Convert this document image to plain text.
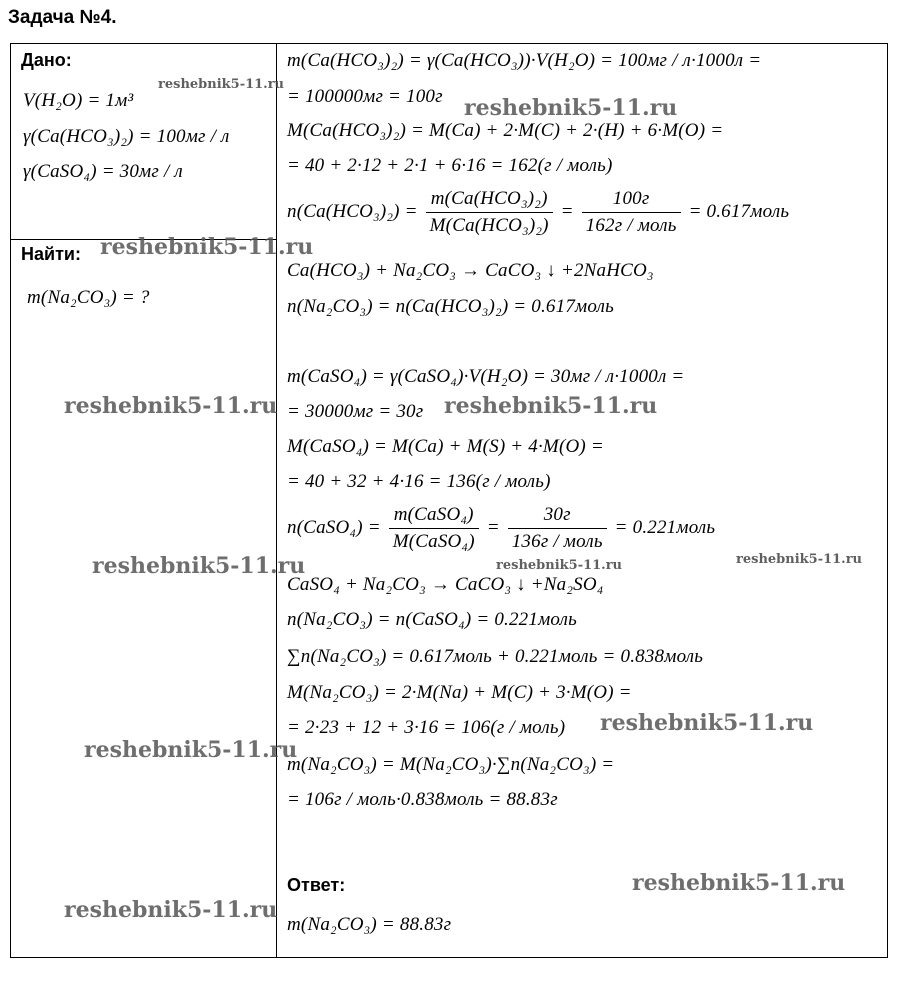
Задача №4.
Дано:
V(H₂O) = 1м³
γ(Ca(HCO₃)₂) = 100мг / л
γ(CaSO₄) = 30мг / л
Найти:
m(Na₂CO₃) = ?
m(Ca(HCO₃)₂) = γ(Ca(HCO₃))·V(H₂O) = 100мг / л·1000л =
= 100000мг = 100г
M(Ca(HCO₃)₂) = M(Ca) + 2·M(C) + 2·(H) + 6·M(O) =
= 40 + 2·12 + 2·1 + 6·16 = 162(г / моль)
$n(Ca(HCO_3)_2) = \frac{\text{m(Ca(HCO₃)₂)}}{\text{M(Ca(HCO₃)₂)}} = \frac{100г}{\text{162г / моль}}$ = 0.617моль
Ca(HCO₃) + Na₂CO₃ → CaCO₃ ↓ +2NaHCO₃
n(Na₂CO₃) = n(Ca(HCO₃)₂) = 0.617моль
m(CaSO₄) = γ(CaSO₄)·V(H₂O) = 30мг / л·1000л =
= 30000мг = 30г
M(CaSO₄) = M(Ca) + M(S) + 4·M(O) =
= 40 + 32 + 4·16 = 136(г / моль)
n(CaSO₄) = $\frac{\text{m(CaSO₄)}}{\text{M(CaSO₄)}} = \frac{30г}{\text{136г / моль}}$ = 0.221моль
CaSO₄ + Na₂CO₃ → CaCO₃ ↓ +Na₂SO₄
n(Na₂CO₃) = n(CaSO₄) = 0.221моль
∑n(Na₂CO₃) = 0.617моль + 0.221моль = 0.838моль
M(Na₂CO₃) = 2·M(Na) + M(C) + 3·M(O) =
= 2·23 + 12 + 3·16 = 106(г / моль)
m(Na₂CO₃) = M(Na₂CO₃)·∑n(Na₂CO₃) =
= 106г / моль·0.838моль = 88.83г
Ответ:
m(Na₂CO₃) = 88.83г
reshebnik5-11.ru
reshebnik5-11.ru
reshebnik5-11.ru
reshebnik5-11.ru	reshebnik5-11.ru
reshebnik5-11.ru	reshebnik5-11.ru
reshebnik5-11.ru
reshebnik5-11.ru
reshebnik5-11.ru
reshebnik5-11.ru
reshebnik5-11.ru
